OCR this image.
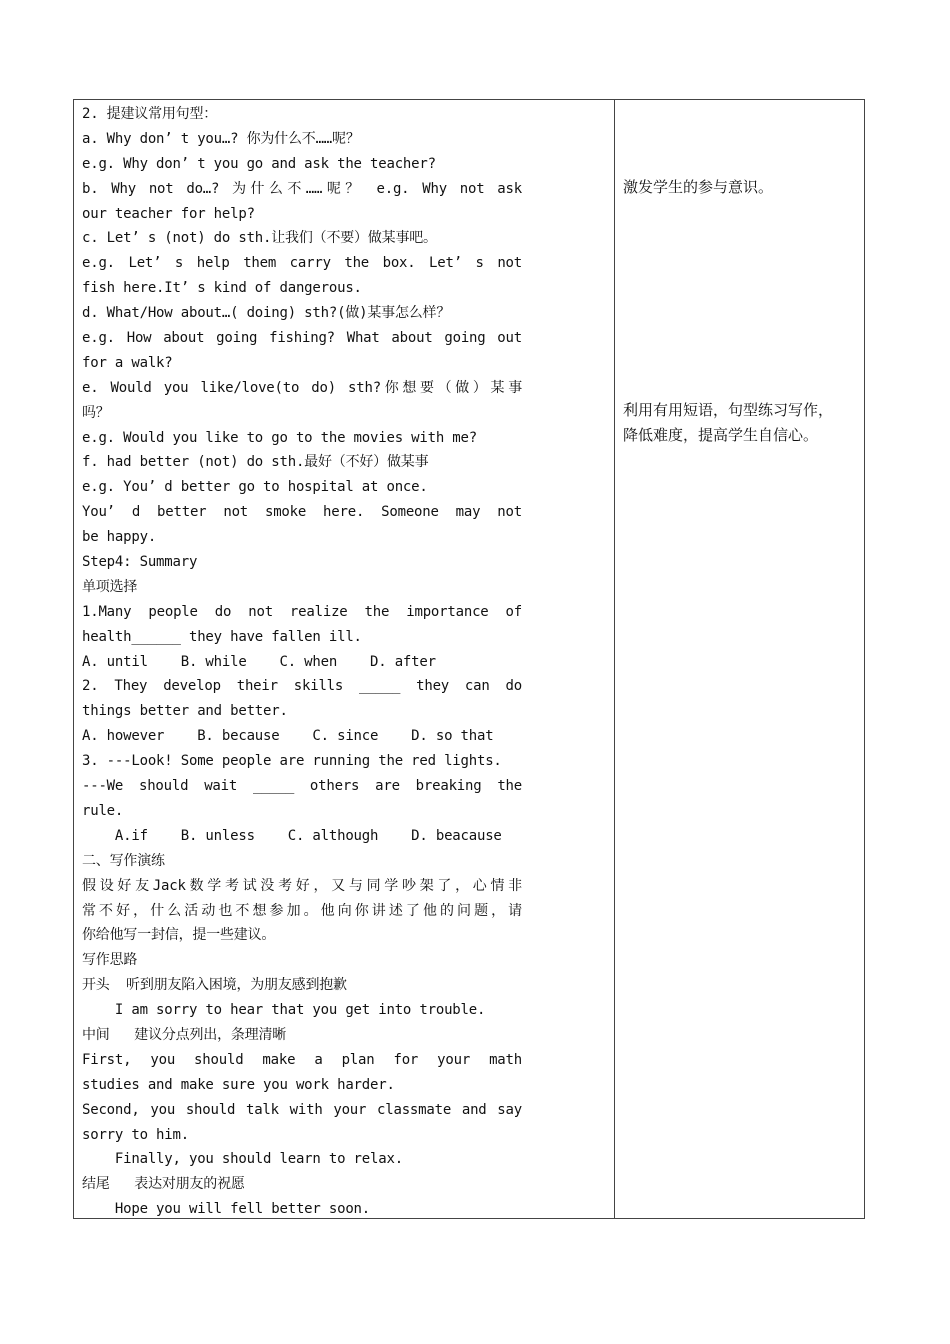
2. 提建议常用句型：
a. Why don’ t you…? 你为什么不……呢？
e.g. Why don’ t you go and ask the teacher?
b. Why not do…? 为什么不……呢？ e.g. Why not ask
our teacher for help?
c. Let’ s (not) do sth.让我们（不要）做某事吧。
e.g. Let’ s help them carry the box. Let’ s not
fish here.It’ s kind of dangerous.
d. What/How about…( doing) sth?(做)某事怎么样？
e.g. How about going fishing? What about going out
for a walk?
e. Would you like/love(to do) sth?你想要（做）某事
吗？
e.g. Would you like to go to the movies with me?
f. had better (not) do sth.最好（不好）做某事
e.g. You’ d better go to hospital at once.
You’ d better not smoke here. Someone may not
be happy.
Step4: Summary
单项选择
1.Many people do not realize the importance of
health______ they have fallen ill.
A. until    B. while    C. when    D. after
2. They develop their skills _____ they can do
things better and better.
A. however    B. because    C. since    D. so that
3. ---Look! Some people are running the red lights.
---We should wait _____ others are breaking the
rule.
A.if    B. unless    C. although    D. beacause
二、写作演练
假设好友Jack数学考试没考好，又与同学吵架了，心情非
常不好，什么活动也不想参加。他向你讲述了他的问题，请
你给他写一封信，提一些建议。
写作思路
开头  听到朋友陷入困境，为朋友感到抱歉
I am sorry to hear that you get into trouble.
中间   建议分点列出，条理清晰
First, you should make a plan for your math
studies and make sure you work harder.
Second, you should talk with your classmate and say
sorry to him.
Finally, you should learn to relax.
结尾   表达对朋友的祝愿
Hope you will fell better soon.
激发学生的参与意识。
利用有用短语，句型练习写作，
降低难度，提高学生自信心。
